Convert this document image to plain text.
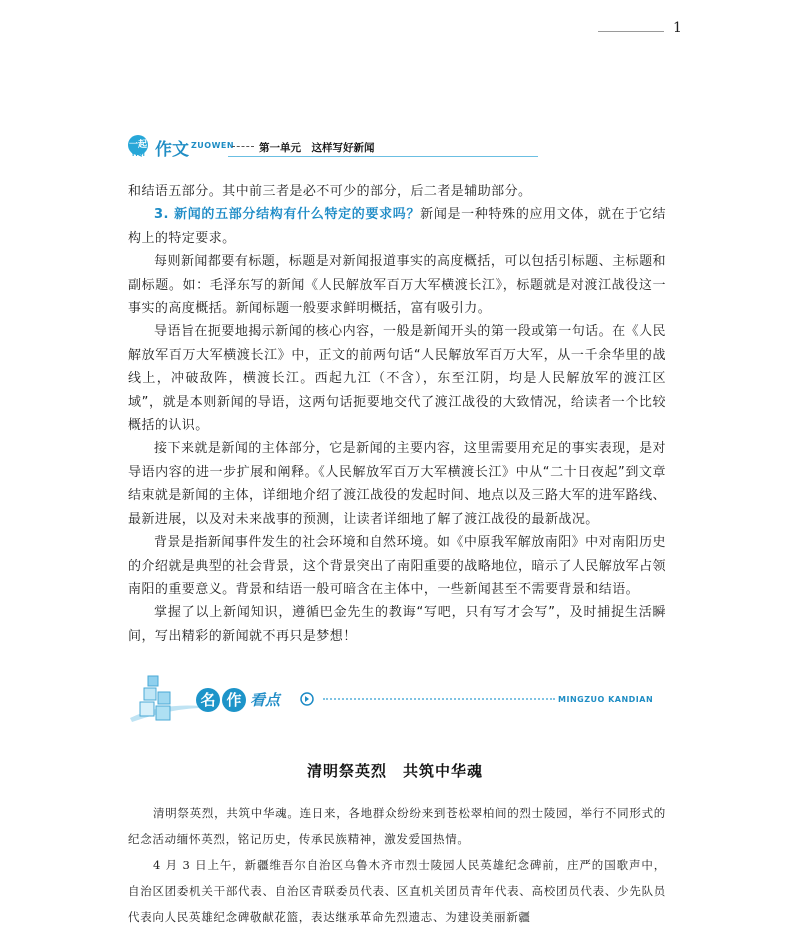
1
一起
YIQI 作文 ZUOWEN 第一单元　这样写好新闻

和结语五部分。其中前三者是必不可少的部分，后二者是辅助部分。

3. 新闻的五部分结构有什么特定的要求吗？新闻是一种特殊的应用文体，就在于它结构上的特定要求。

每则新闻都要有标题，标题是对新闻报道事实的高度概括，可以包括引标题、主标题和副标题。如：毛泽东写的新闻《人民解放军百万大军横渡长江》，标题就是对渡江战役这一事实的高度概括。新闻标题一般要求鲜明概括，富有吸引力。

导语旨在扼要地揭示新闻的核心内容，一般是新闻开头的第一段或第一句话。在《人民解放军百万大军横渡长江》中，正文的前两句话“人民解放军百万大军，从一千余华里的战线上，冲破敌阵，横渡长江。西起九江（不含），东至江阴，均是人民解放军的渡江区域”，就是本则新闻的导语，这两句话扼要地交代了渡江战役的大致情况，给读者一个比较概括的认识。

接下来就是新闻的主体部分，它是新闻的主要内容，这里需要用充足的事实表现，是对导语内容的进一步扩展和阐释。《人民解放军百万大军横渡长江》中从“二十日夜起”到文章结束就是新闻的主体，详细地介绍了渡江战役的发起时间、地点以及三路大军的进军路线、最新进展，以及对未来战事的预测，让读者详细地了解了渡江战役的最新战况。

背景是指新闻事件发生的社会环境和自然环境。如《中原我军解放南阳》中对南阳历史的介绍就是典型的社会背景，这个背景突出了南阳重要的战略地位，暗示了人民解放军占领南阳的重要意义。背景和结语一般可暗含在主体中，一些新闻甚至不需要背景和结语。

掌握了以上新闻知识，遵循巴金先生的教诲“写吧，只有写才会写”，及时捕捉生活瞬间，写出精彩的新闻就不再只是梦想！

名 作 看点	MINGZUO KANDIAN
清明祭英烈　共筑中华魂

清明祭英烈，共筑中华魂。连日来，各地群众纷纷来到苍松翠柏间的烈士陵园，举行不同形式的纪念活动缅怀英烈，铭记历史，传承民族精神，激发爱国热情。

4 月 3 日上午，新疆维吾尔自治区乌鲁木齐市烈士陵园人民英雄纪念碑前，庄严的国歌声中，自治区团委机关干部代表、自治区青联委员代表、区直机关团员青年代表、高校团员代表、少先队员代表向人民英雄纪念碑敬献花篮，表达继承革命先烈遗志、为建设美丽新疆
